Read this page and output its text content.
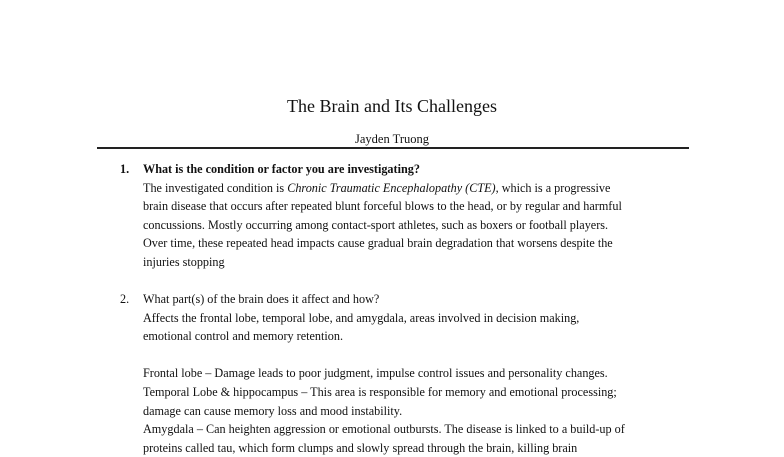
The Brain and Its Challenges
Jayden Truong
1.	What is the condition or factor you are investigating?
The investigated condition is Chronic Traumatic Encephalopathy (CTE), which is a progressive
brain disease that occurs after repeated blunt forceful blows to the head, or by regular and harmful
concussions. Mostly occurring among contact-sport athletes, such as boxers or football players.
Over time, these repeated head impacts cause gradual brain degradation that worsens despite the
injuries stopping
2.	What part(s) of the brain does it affect and how?
Affects the frontal lobe, temporal lobe, and amygdala, areas involved in decision making,
emotional control and memory retention.
Frontal lobe – Damage leads to poor judgment, impulse control issues and personality changes.
Temporal Lobe & hippocampus – This area is responsible for memory and emotional processing;
damage can cause memory loss and mood instability.
Amygdala – Can heighten aggression or emotional outbursts. The disease is linked to a build-up of
proteins called tau, which form clumps and slowly spread through the brain, killing brain
